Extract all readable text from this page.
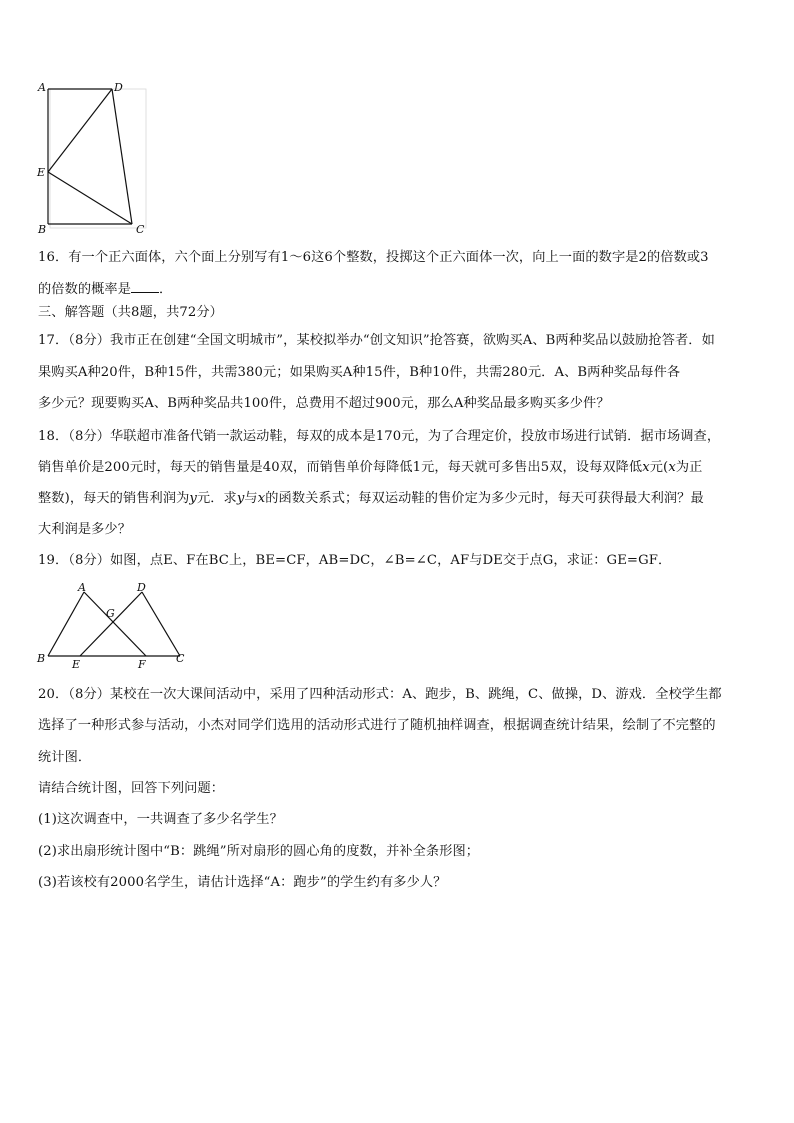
A	D
E
B	C
16．有一个正六面体，六个面上分别写有1～6这6个整数，投掷这个正六面体一次，向上一面的数字是2的倍数或3
的倍数的概率是 ．
三、解答题（共8题，共72分）
17．（8分）我市正在创建“全国文明城市”，某校拟举办“创文知识”抢答赛，欲购买A、B两种奖品以鼓励抢答者．如
果购买A种20件，B种15件，共需380元；如果购买A种15件，B种10件，共需280元．A、B两种奖品每件各
多少元？现要购买A、B两种奖品共100件，总费用不超过900元，那么A种奖品最多购买多少件？
18．（8分）华联超市准备代销一款运动鞋，每双的成本是170元，为了合理定价，投放市场进行试销．据市场调查，
销售单价是200元时，每天的销售量是40双，而销售单价每降低1元，每天就可多售出5双，设每双降低x元(x为正
整数)，每天的销售利润为y元．求y与x的函数关系式；每双运动鞋的售价定为多少元时，每天可获得最大利润？最
大利润是多少？
19．（8分）如图，点E、F在BC上，BE=CF，AB=DC，∠B=∠C，AF与DE交于点G，求证：GE=GF．
A	D
G
B E	F	C
20．（8分）某校在一次大课间活动中，采用了四种活动形式：A、跑步，B、跳绳，C、做操，D、游戏．全校学生都
选择了一种形式参与活动，小杰对同学们选用的活动形式进行了随机抽样调查，根据调查统计结果，绘制了不完整的
统计图．
请结合统计图，回答下列问题：
(1)这次调查中，一共调查了多少名学生？
(2)求出扇形统计图中“B：跳绳”所对扇形的圆心角的度数，并补全条形图；
(3)若该校有2000名学生，请估计选择“A：跑步”的学生约有多少人？
